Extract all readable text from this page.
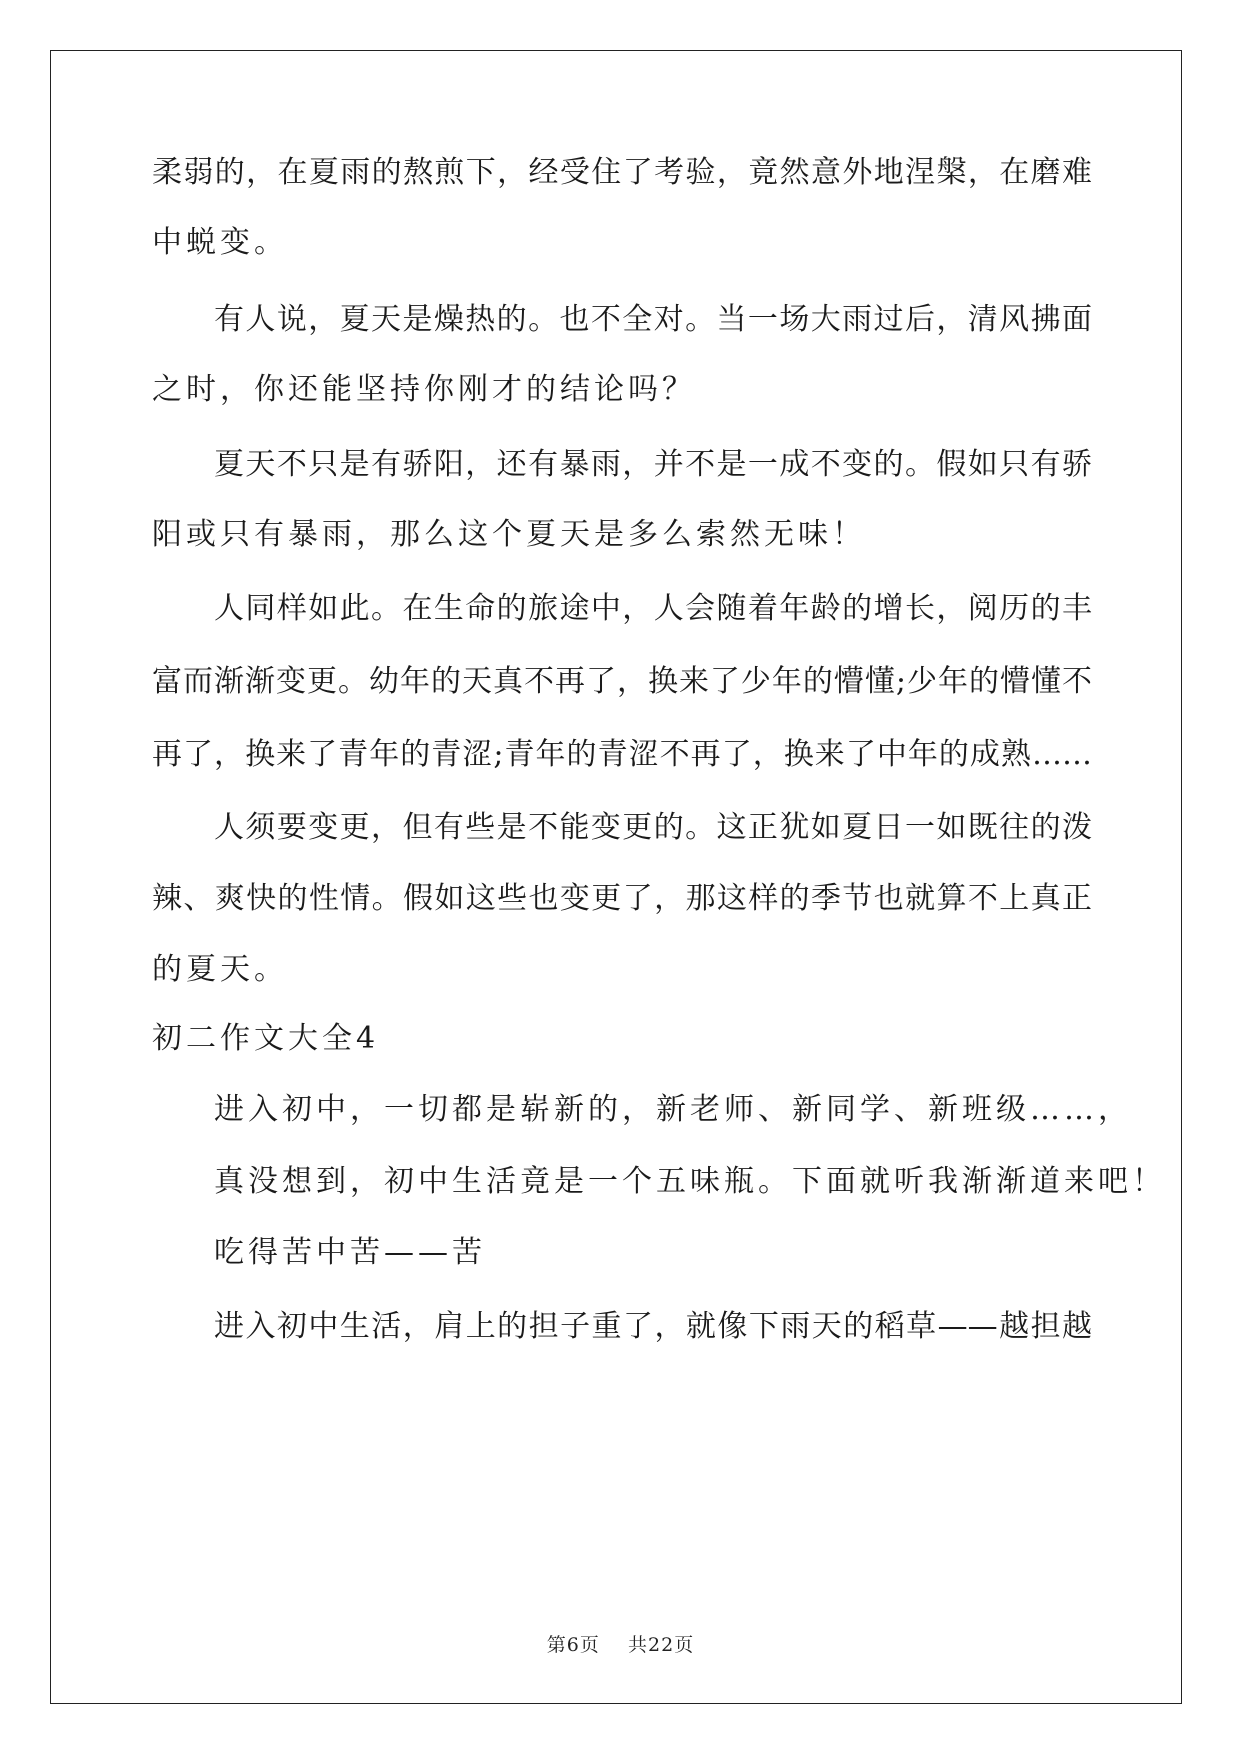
柔弱的，在夏雨的熬煎下，经受住了考验，竟然意外地涅槃，在磨难
中蜕变。
有人说，夏天是燥热的。也不全对。当一场大雨过后，清风拂面
之时，你还能坚持你刚才的结论吗？
夏天不只是有骄阳，还有暴雨，并不是一成不变的。假如只有骄
阳或只有暴雨，那么这个夏天是多么索然无味！
人同样如此。在生命的旅途中，人会随着年龄的增长，阅历的丰
富而渐渐变更。幼年的天真不再了，换来了少年的懵懂;少年的懵懂不
再了，换来了青年的青涩;青年的青涩不再了，换来了中年的成熟……
人须要变更，但有些是不能变更的。这正犹如夏日一如既往的泼
辣、爽快的性情。假如这些也变更了，那这样的季节也就算不上真正
的夏天。
初二作文大全4
进入初中，一切都是崭新的，新老师、新同学、新班级……，
真没想到，初中生活竟是一个五味瓶。下面就听我渐渐道来吧！
吃得苦中苦——苦
进入初中生活，肩上的担子重了，就像下雨天的稻草——越担越
第6页 共22页
